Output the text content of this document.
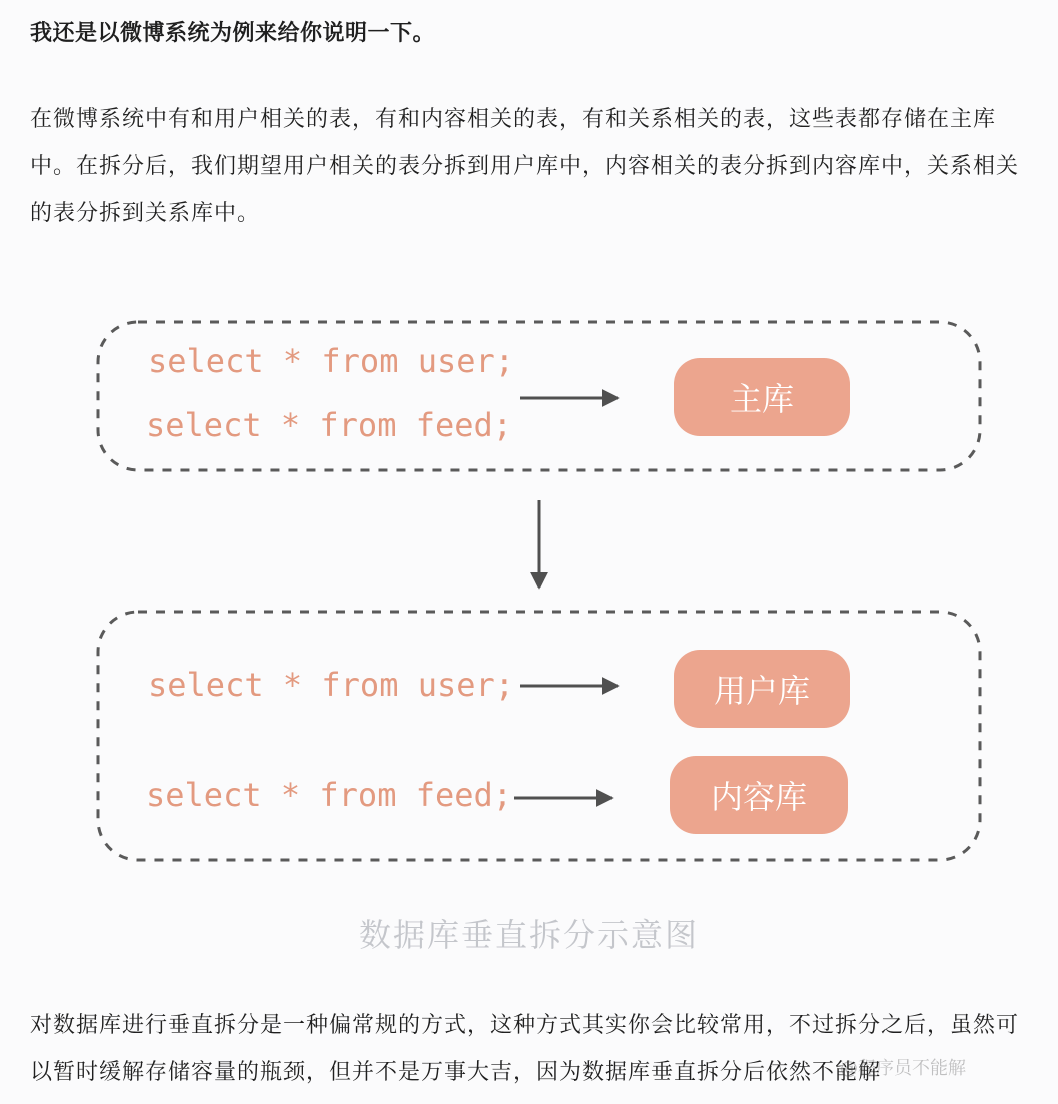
我还是以微博系统为例来给你说明一下。
在微博系统中有和用户相关的表，有和内容相关的表，有和关系相关的表，这些表都存储在主库中。在拆分后，我们期望用户相关的表分拆到用户库中，内容相关的表分拆到内容库中，关系相关的表分拆到关系库中。
select * from user;
select * from feed;
主库
select * from user;
select * from feed;
用户库
内容库
数据库垂直拆分示意图
对数据库进行垂直拆分是一种偏常规的方式，这种方式其实你会比较常用，不过拆分之后，虽然可以暂时缓解存储容量的瓶颈，但并不是万事大吉，因为数据库垂直拆分后依然不能解
@程序员不能解
